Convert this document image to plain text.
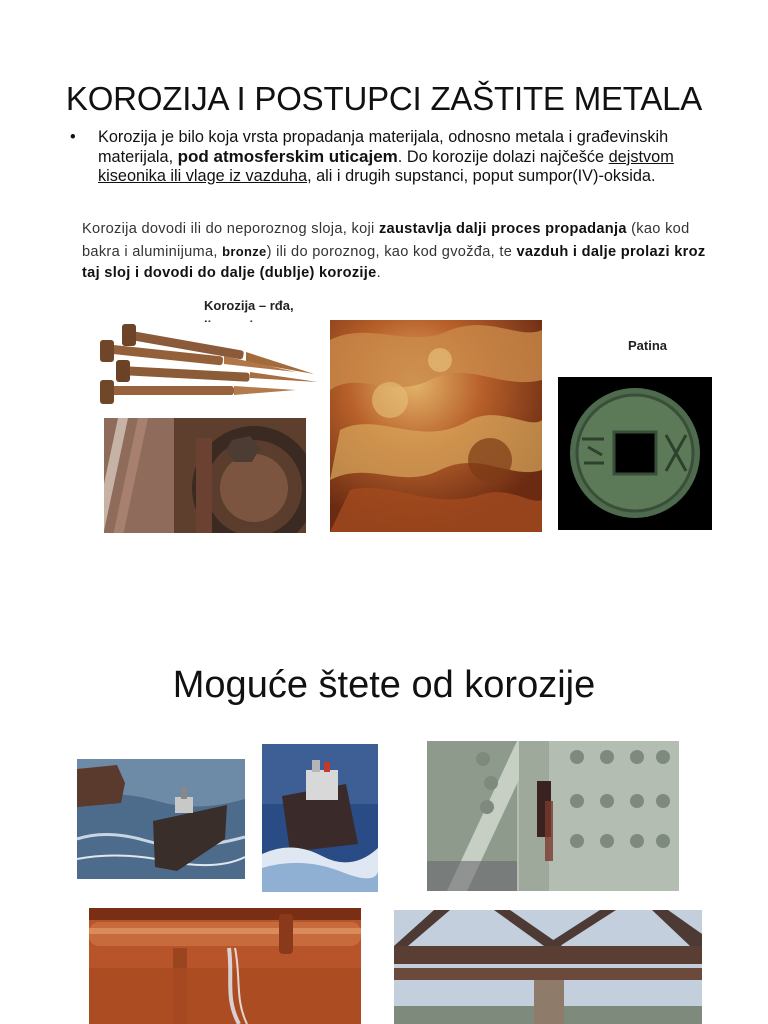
KOROZIJA I POSTUPCI ZAŠTITE METALA
• Korozija je bilo koja vrsta propadanja materijala, odnosno metala i građevinskih materijala, pod atmosferskim uticajem. Do korozije dolazi najčešće dejstvom kiseonika ili vlage iz vazduha, ali i drugih supstanci, poput sumpor(IV)-oksida.
Korozija dovodi ili do neporoznog sloja, koji zaustavlja dalji proces propadanja (kao kod bakra i aluminijuma, bronze) ili do poroznog, kao kod gvožđa, te vazduh i dalje prolazi kroz taj sloj i dovodi do dalje (dublje) korozije.
Korozija – rđa,
Patina
Moguće štete od korozije
